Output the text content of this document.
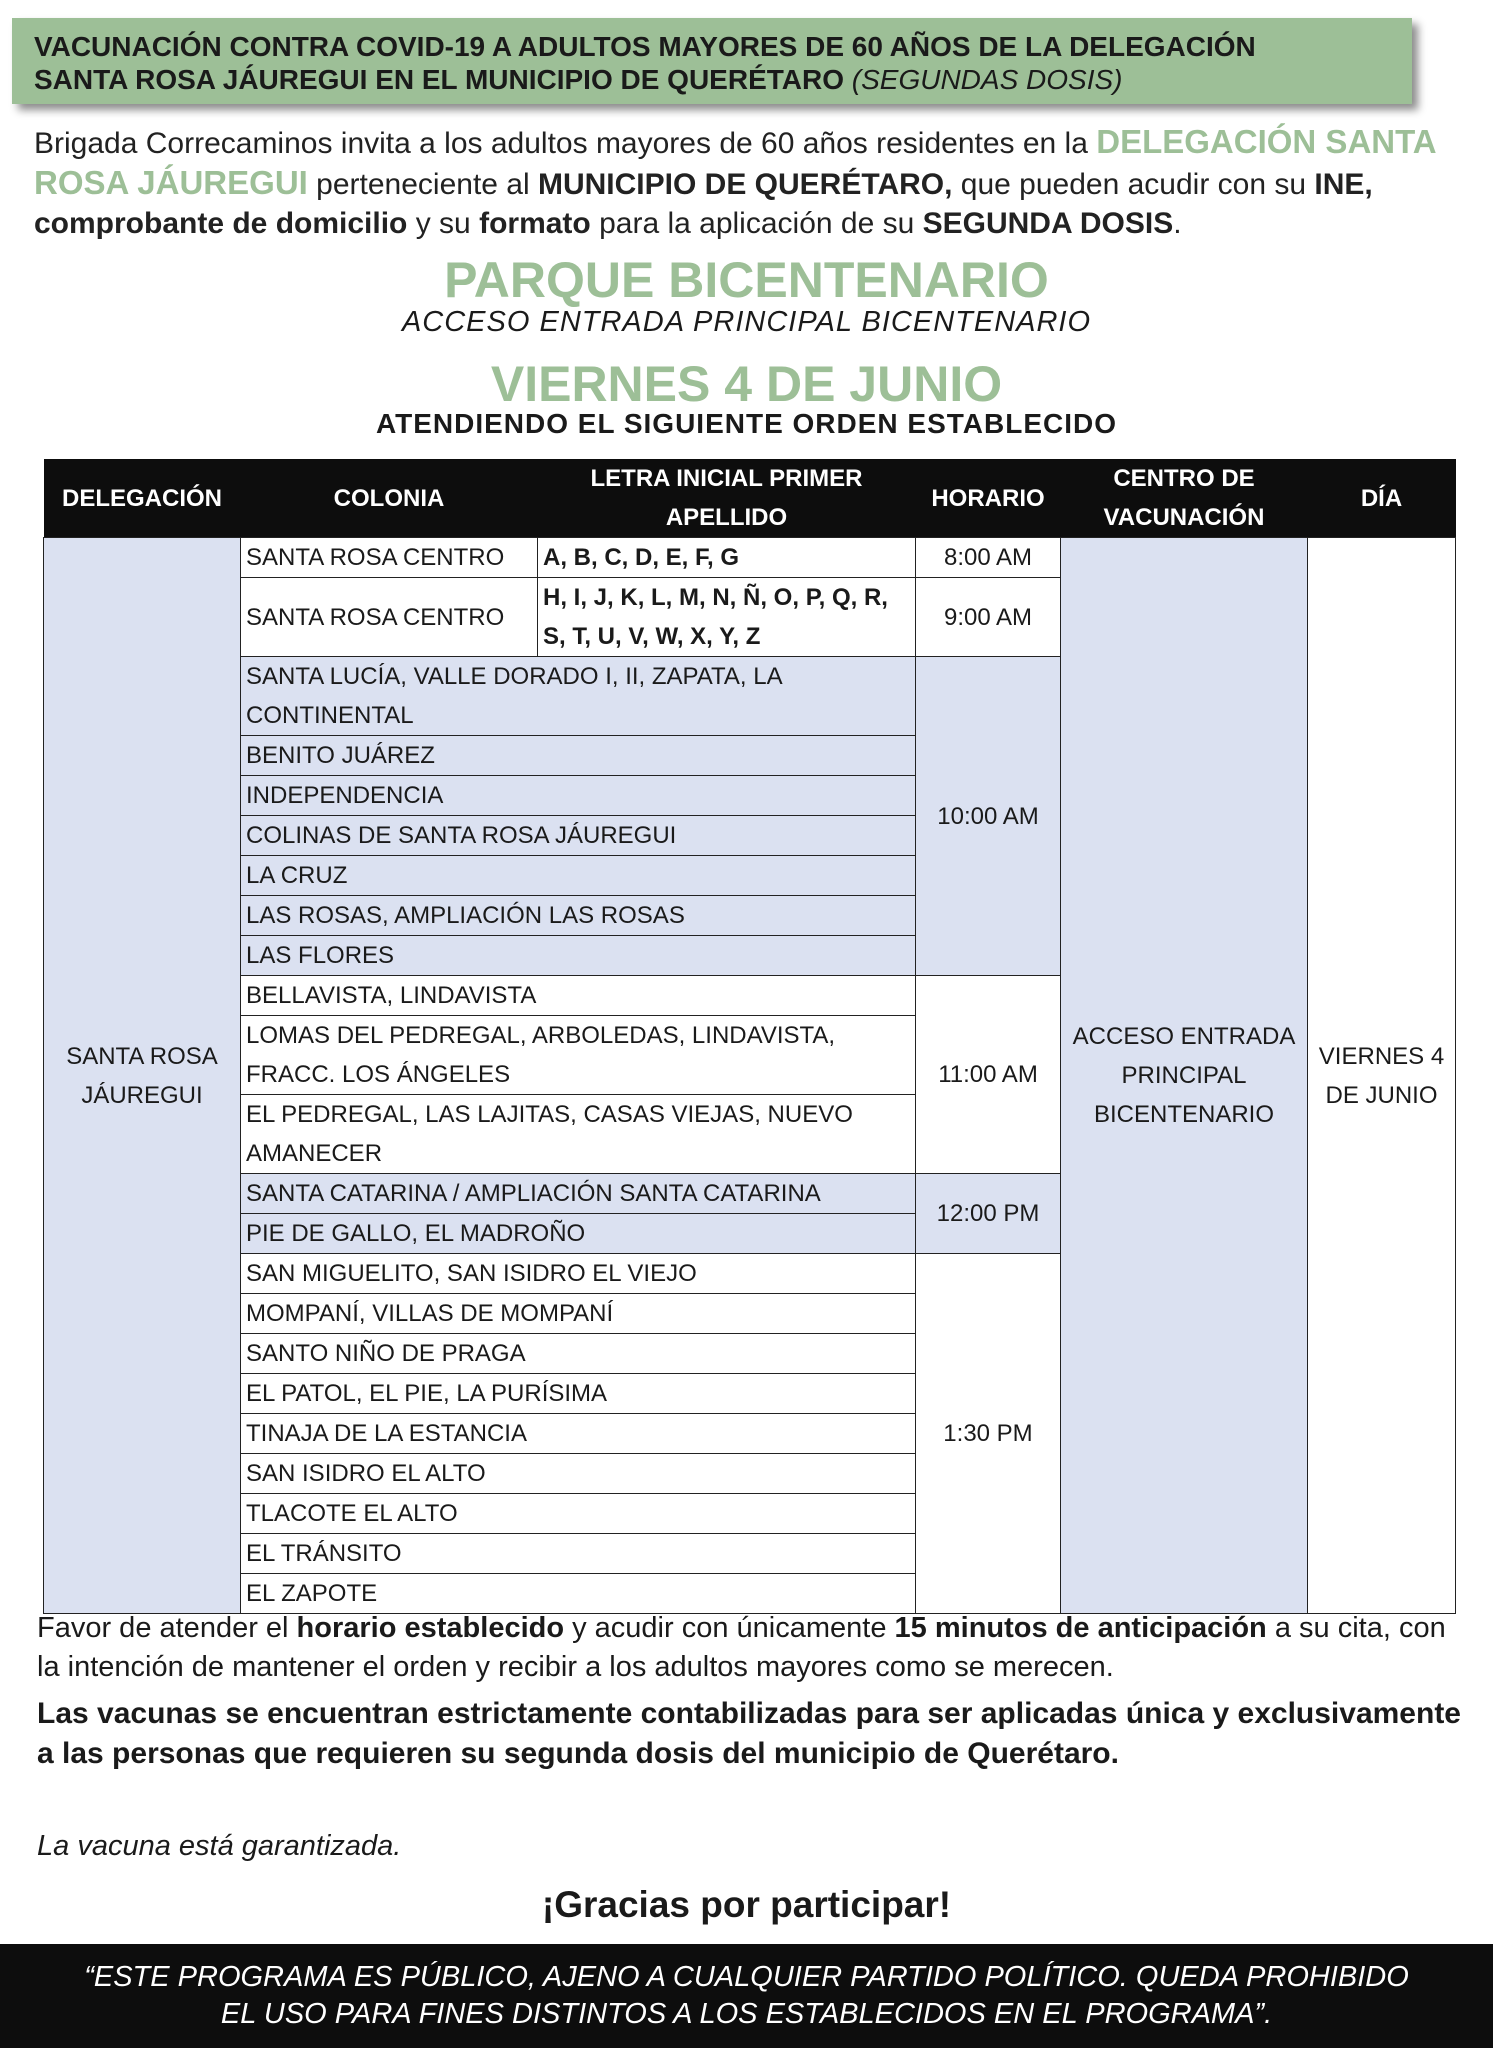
VACUNACIÓN CONTRA COVID-19 A ADULTOS MAYORES DE 60 AÑOS DE LA DELEGACIÓN
SANTA ROSA JÁUREGUI EN EL MUNICIPIO DE QUERÉTARO (SEGUNDAS DOSIS)

Brigada Correcaminos invita a los adultos mayores de 60 años residentes en la DELEGACIÓN SANTA ROSA JÁUREGUI perteneciente al MUNICIPIO DE QUERÉTARO, que pueden acudir con su INE, comprobante de domicilio y su formato para la aplicación de su SEGUNDA DOSIS.

PARQUE BICENTENARIO
ACCESO ENTRADA PRINCIPAL BICENTENARIO
VIERNES 4 DE JUNIO
ATENDIENDO EL SIGUIENTE ORDEN ESTABLECIDO
DELEGACIÓN	COLONIA	LETRA INICIAL PRIMER APELLIDO	HORARIO	CENTRO DE VACUNACIÓN	DÍA
SANTA ROSA JÁUREGUI	SANTA ROSA CENTRO	A, B, C, D, E, F, G	8:00 AM	ACCESO ENTRADA PRINCIPAL BICENTENARIO	VIERNES 4 DE JUNIO
	SANTA ROSA CENTRO	H, I, J, K, L, M, N, Ñ, O, P, Q, R, S, T, U, V, W, X, Y, Z	9:00 AM		
	SANTA LUCÍA, VALLE DORADO I, II, ZAPATA, LA CONTINENTAL		10:00 AM		
	BENITO JUÁREZ				
	INDEPENDENCIA				
	COLINAS DE SANTA ROSA JÁUREGUI				
	LA CRUZ				
	LAS ROSAS, AMPLIACIÓN LAS ROSAS				
	LAS FLORES				
	BELLAVISTA, LINDAVISTA		11:00 AM		
	LOMAS DEL PEDREGAL, ARBOLEDAS, LINDAVISTA, FRACC. LOS ÁNGELES				
	EL PEDREGAL, LAS LAJITAS, CASAS VIEJAS, NUEVO AMANECER				
	SANTA CATARINA / AMPLIACIÓN SANTA CATARINA		12:00 PM		
	PIE DE GALLO, EL MADROÑO				
	SAN MIGUELITO, SAN ISIDRO EL VIEJO		1:30 PM		
	MOMPANÍ, VILLAS DE MOMPANÍ				
	SANTO NIÑO DE PRAGA				
	EL PATOL, EL PIE, LA PURÍSIMA				
	TINAJA DE LA ESTANCIA				
	SAN ISIDRO EL ALTO				
	TLACOTE EL ALTO				
	EL TRÁNSITO				
	EL ZAPOTE				

Favor de atender el horario establecido y acudir con únicamente 15 minutos de anticipación a su cita, con la intención de mantener el orden y recibir a los adultos mayores como se merecen.

Las vacunas se encuentran estrictamente contabilizadas para ser aplicadas única y exclusivamente a las personas que requieren su segunda dosis del municipio de Querétaro.

La vacuna está garantizada.

¡Gracias por participar!
“ESTE PROGRAMA ES PÚBLICO, AJENO A CUALQUIER PARTIDO POLÍTICO. QUEDA PROHIBIDO
EL USO PARA FINES DISTINTOS A LOS ESTABLECIDOS EN EL PROGRAMA”.
